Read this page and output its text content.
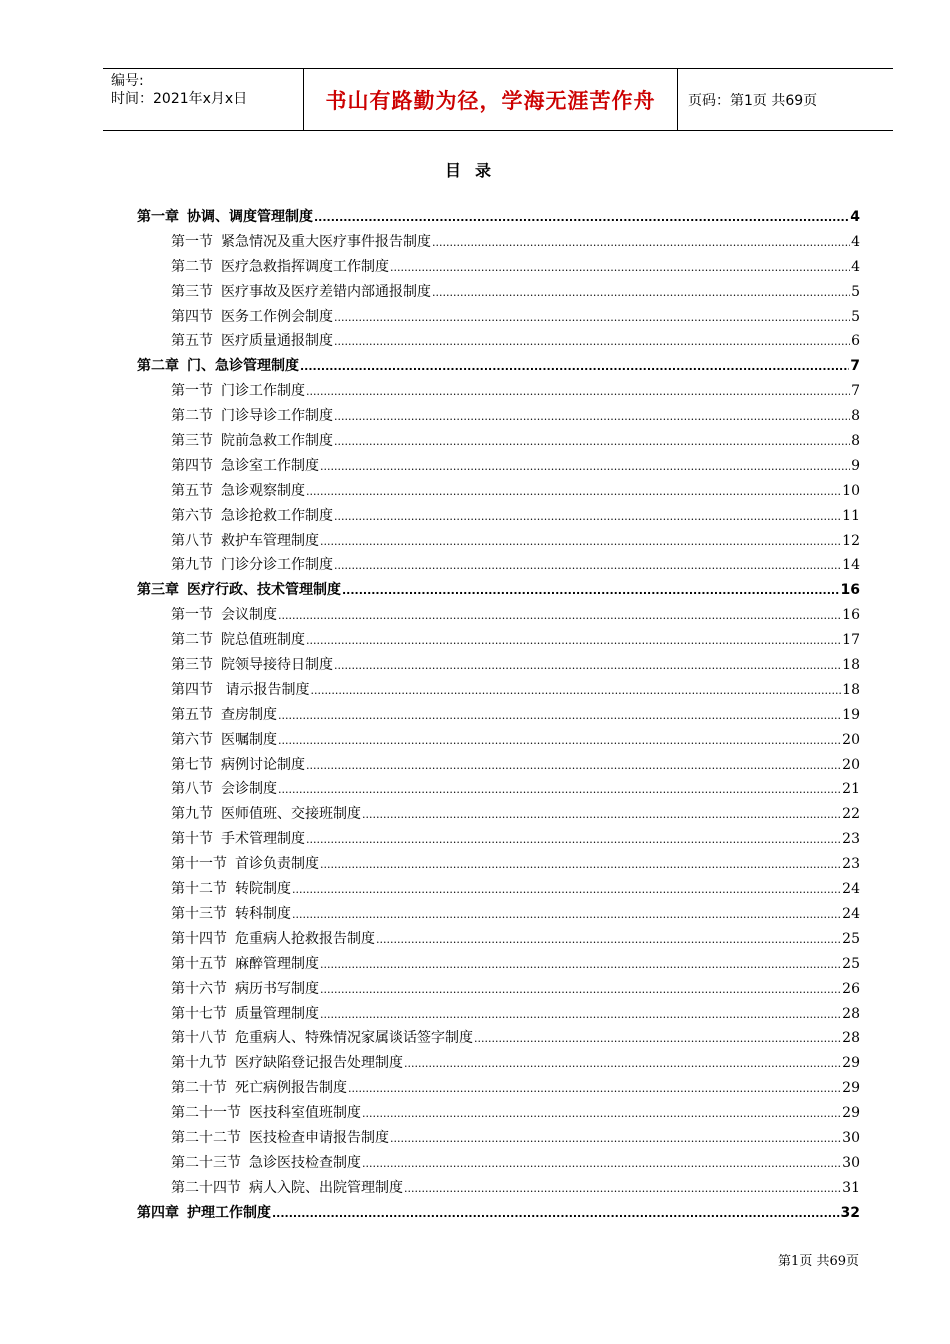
编号:
时间：2021年x月x日	书山有路勤为径，学海无涯苦作舟	页码：第1页 共69页
目录
第一章 协调、调度管理制度 .....	4
第一节 紧急情况及重大医疗事件报告制度 .....	4
第二节 医疗急救指挥调度工作制度 .....	4
第三节 医疗事故及医疗差错内部通报制度 .....	5
第四节 医务工作例会制度 .....	5
第五节 医疗质量通报制度 .....	6
第二章 门、急诊管理制度 .....	7
第一节 门诊工作制度 .....	7
第二节 门诊导诊工作制度 .....	8
第三节 院前急救工作制度 .....	8
第四节 急诊室工作制度 .....	9
第五节 急诊观察制度 .....	10
第六节 急诊抢救工作制度 .....	11
第八节 救护车管理制度 .....	12
第九节 门诊分诊工作制度 .....	14
第三章 医疗行政、技术管理制度 .....	16
第一节 会议制度 .....	16
第二节 院总值班制度 .....	17
第三节 院领导接待日制度 .....	18
第四节 请示报告制度 .....	18
第五节 查房制度 .....	19
第六节 医嘱制度 .....	20
第七节 病例讨论制度 .....	20
第八节 会诊制度 .....	21
第九节 医师值班、交接班制度 .....	22
第十节 手术管理制度 .....	23
第十一节 首诊负责制度 .....	23
第十二节 转院制度 .....	24
第十三节 转科制度 .....	24
第十四节 危重病人抢救报告制度 .....	25
第十五节 麻醉管理制度 .....	25
第十六节 病历书写制度 .....	26
第十七节 质量管理制度 .....	28
第十八节 危重病人、特殊情况家属谈话签字制度 .....	28
第十九节 医疗缺陷登记报告处理制度 .....	29
第二十节 死亡病例报告制度 .....	29
第二十一节 医技科室值班制度 .....	29
第二十二节 医技检查申请报告制度 .....	30
第二十三节 急诊医技检查制度 .....	30
第二十四节 病人入院、出院管理制度 .....	31
第四章 护理工作制度 .....	32
第1页 共69页
